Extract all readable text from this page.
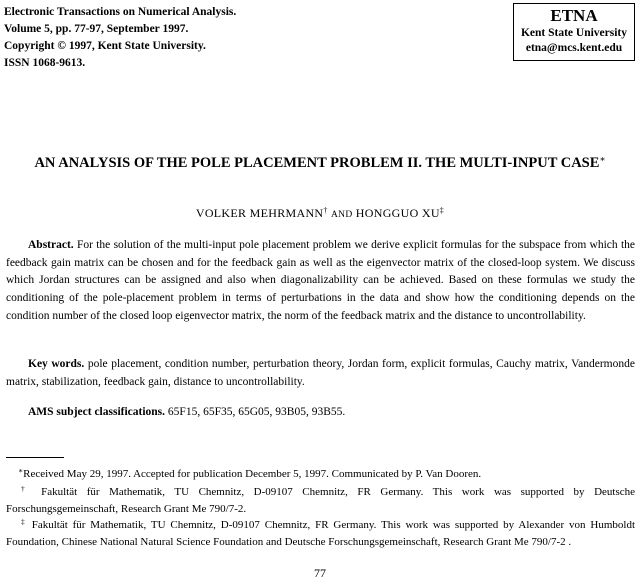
Electronic Transactions on Numerical Analysis.
Volume 5, pp. 77-97, September 1997.
Copyright © 1997, Kent State University.
ISSN 1068-9613.
ETNA
Kent State University
etna@mcs.kent.edu
AN ANALYSIS OF THE POLE PLACEMENT PROBLEM II. THE MULTI-INPUT CASE∗
VOLKER MEHRMANN† AND HONGGUO XU‡
Abstract. For the solution of the multi-input pole placement problem we derive explicit formulas for the subspace from which the feedback gain matrix can be chosen and for the feedback gain as well as the eigenvector matrix of the closed-loop system. We discuss which Jordan structures can be assigned and also when diagonalizability can be achieved. Based on these formulas we study the conditioning of the pole-placement problem in terms of perturbations in the data and show how the conditioning depends on the condition number of the closed loop eigenvector matrix, the norm of the feedback matrix and the distance to uncontrollability.
Key words. pole placement, condition number, perturbation theory, Jordan form, explicit formulas, Cauchy matrix, Vandermonde matrix, stabilization, feedback gain, distance to uncontrollability.
AMS subject classifications. 65F15, 65F35, 65G05, 93B05, 93B55.
∗Received May 29, 1997. Accepted for publication December 5, 1997. Communicated by P. Van Dooren.
† Fakultät für Mathematik, TU Chemnitz, D-09107 Chemnitz, FR Germany. This work was supported by Deutsche Forschungsgemeinschaft, Research Grant Me 790/7-2.
‡ Fakultät für Mathematik, TU Chemnitz, D-09107 Chemnitz, FR Germany. This work was supported by Alexander von Humboldt Foundation, Chinese National Natural Science Foundation and Deutsche Forschungsgemeinschaft, Research Grant Me 790/7-2 .
77
